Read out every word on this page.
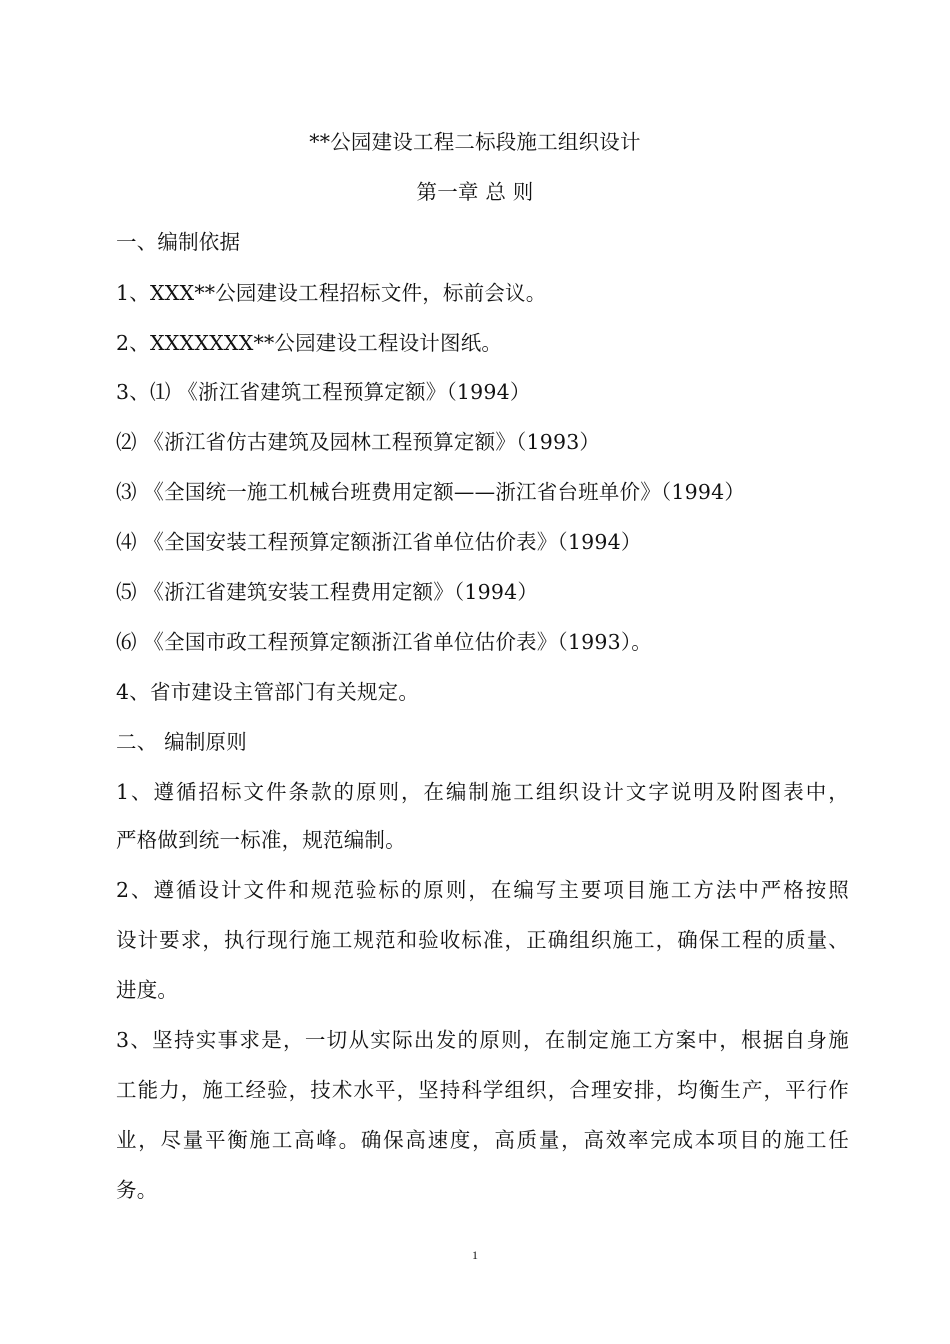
**公园建设工程二标段施工组织设计
第一章 总 则
一、编制依据
1、XXX**公园建设工程招标文件，标前会议。
2、XXXXXXX**公园建设工程设计图纸。
3、⑴ 《浙江省建筑工程预算定额》（1994）
⑵ 《浙江省仿古建筑及园林工程预算定额》（1993）
⑶ 《全国统一施工机械台班费用定额——浙江省台班单价》（1994）
⑷ 《全国安装工程预算定额浙江省单位估价表》（1994）
⑸ 《浙江省建筑安装工程费用定额》（1994）
⑹ 《全国市政工程预算定额浙江省单位估价表》（1993）。
4、省市建设主管部门有关规定。
二、 编制原则
1、遵循招标文件条款的原则，在编制施工组织设计文字说明及附图表中，
严格做到统一标准，规范编制。
2、遵循设计文件和规范验标的原则，在编写主要项目施工方法中严格按照
设计要求，执行现行施工规范和验收标准，正确组织施工，确保工程的质量、
进度。
3、坚持实事求是，一切从实际出发的原则，在制定施工方案中，根据自身施
工能力，施工经验，技术水平，坚持科学组织，合理安排，均衡生产，平行作
业，尽量平衡施工高峰。确保高速度，高质量，高效率完成本项目的施工任
务。
1
